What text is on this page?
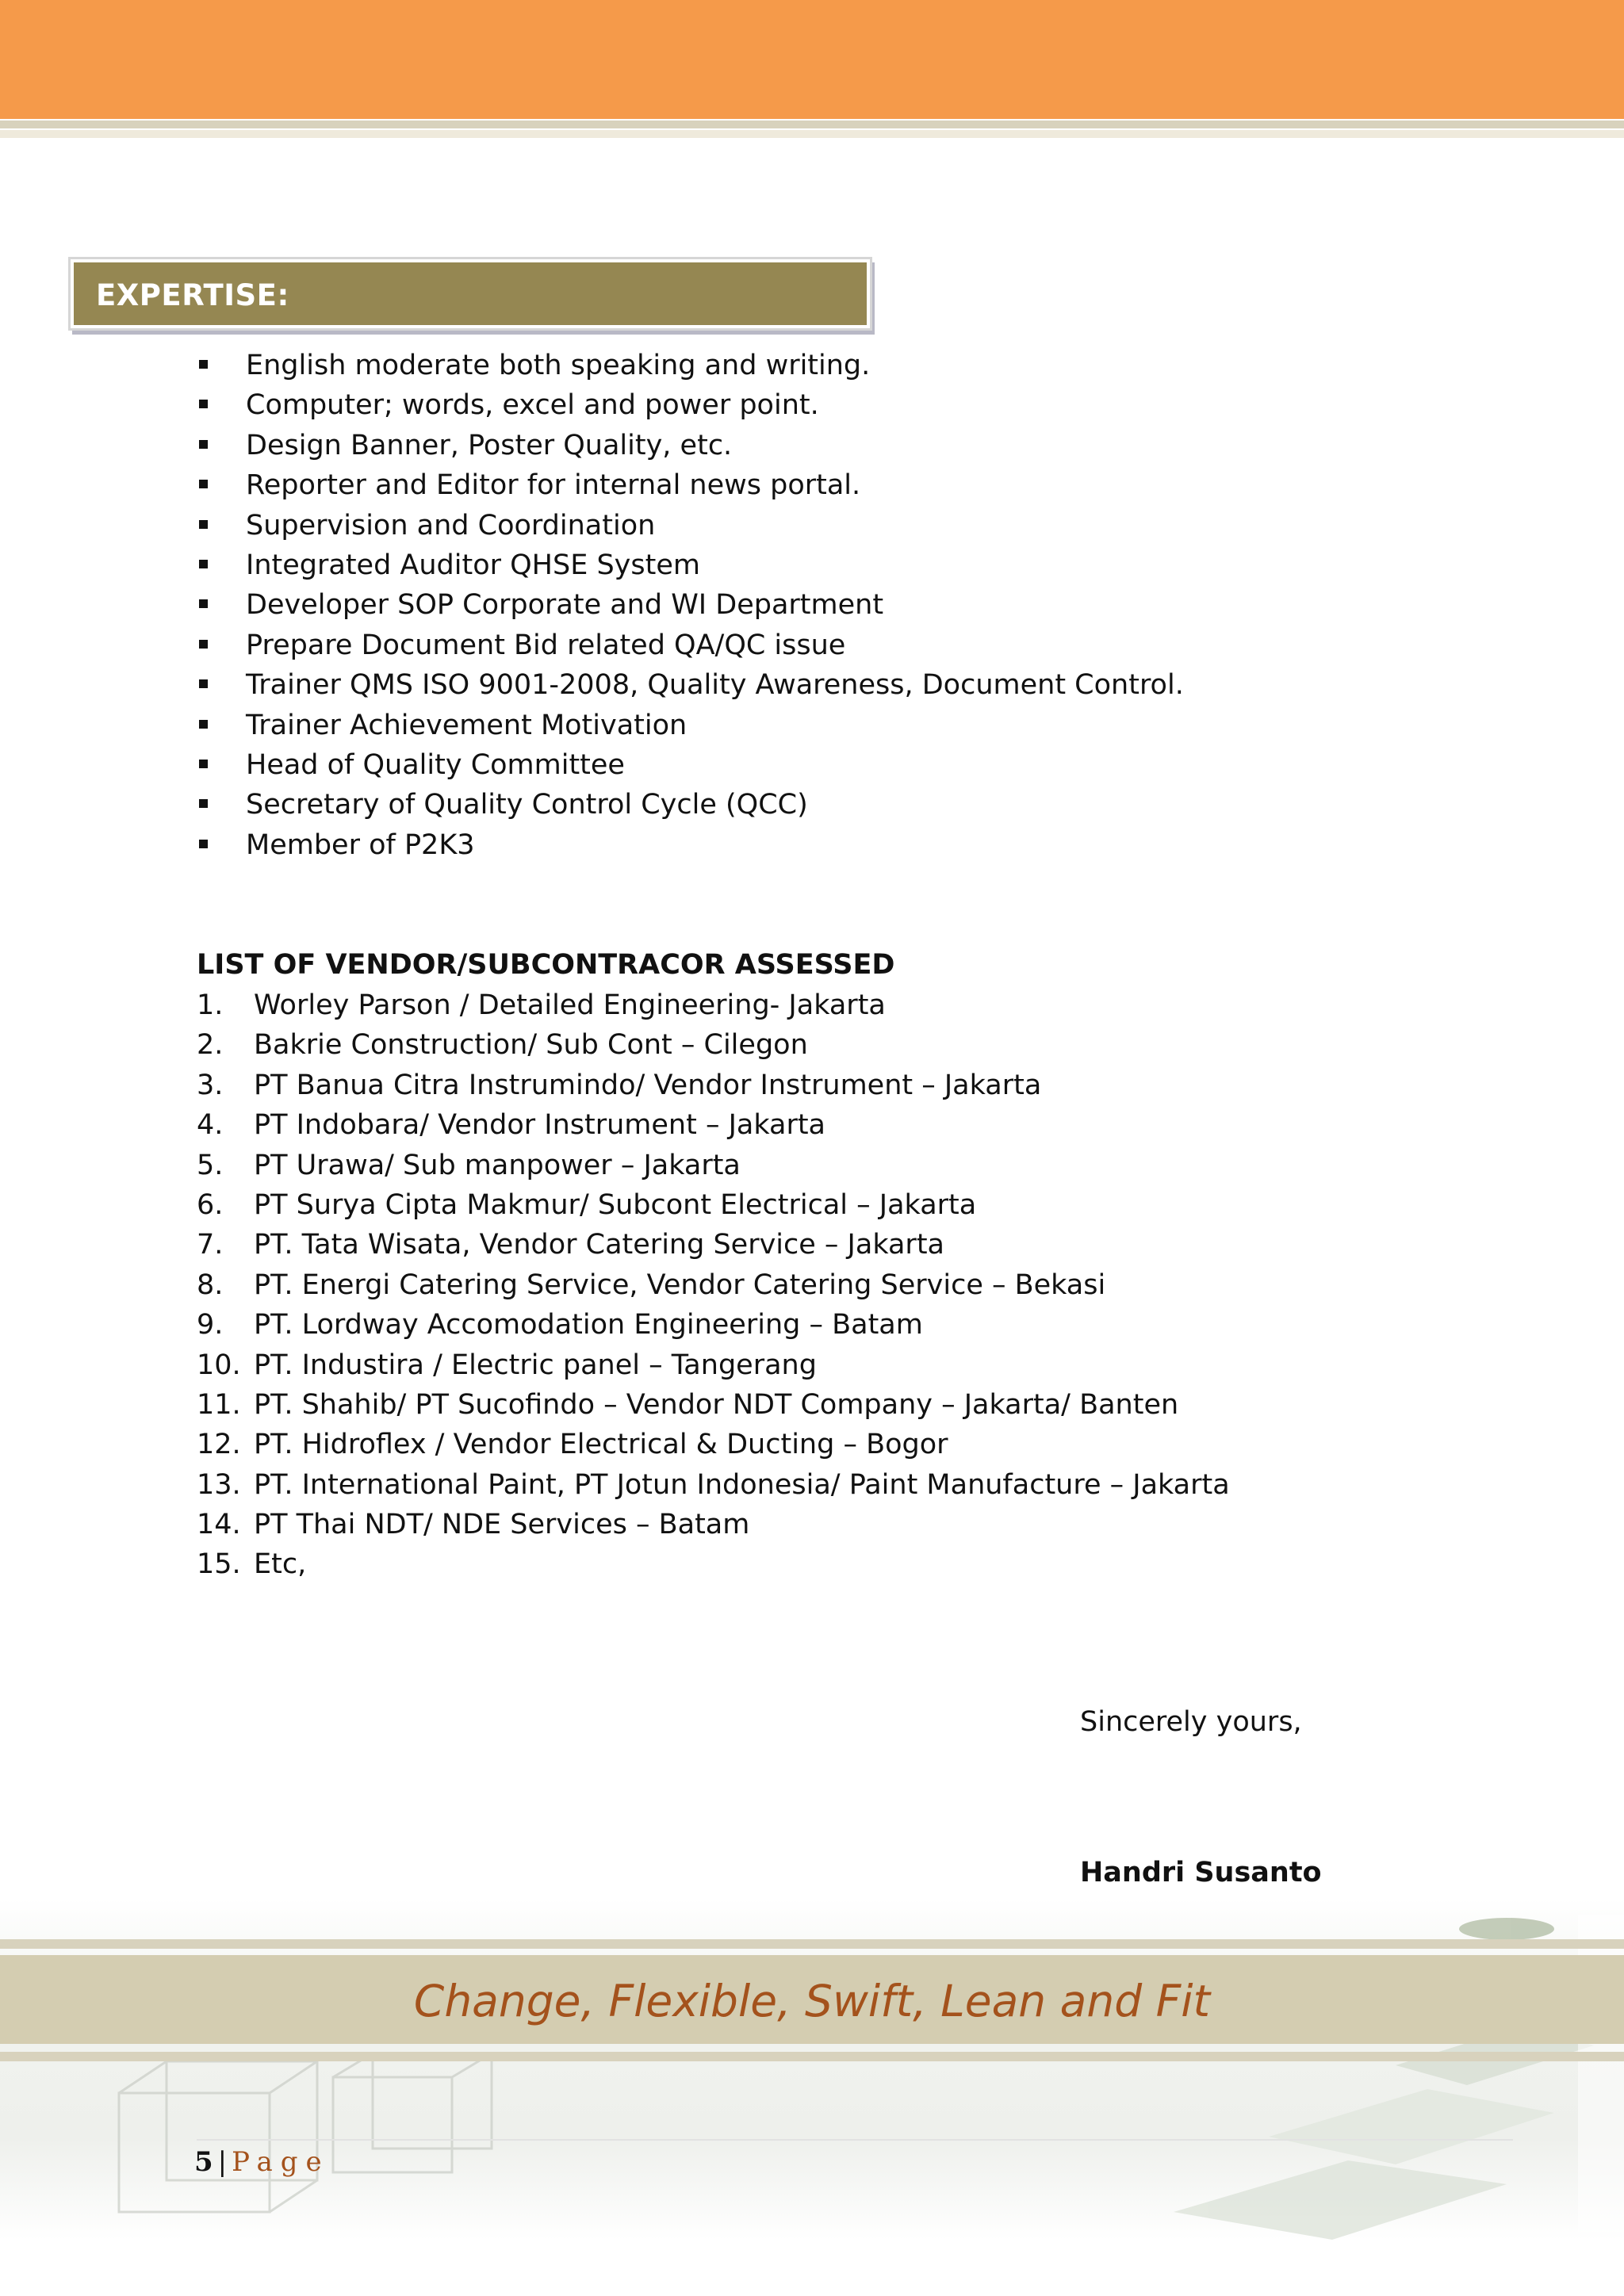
EXPERTISE:
English moderate both speaking and writing.
Computer; words, excel and power point.
Design Banner, Poster Quality, etc.
Reporter and Editor for internal news portal.
Supervision and Coordination
Integrated Auditor QHSE System
Developer SOP Corporate and WI Department
Prepare Document Bid related QA/QC issue
Trainer QMS ISO 9001-2008, Quality Awareness, Document Control.
Trainer Achievement Motivation
Head of Quality Committee
Secretary of Quality Control Cycle (QCC)
Member of P2K3
LIST OF VENDOR/SUBCONTRACOR ASSESSED
1. Worley Parson / Detailed Engineering- Jakarta
2. Bakrie Construction/ Sub Cont – Cilegon
3. PT Banua Citra Instrumindo/ Vendor Instrument – Jakarta
4. PT Indobara/ Vendor Instrument – Jakarta
5. PT Urawa/ Sub manpower – Jakarta
6. PT Surya Cipta Makmur/ Subcont Electrical – Jakarta
7. PT. Tata Wisata, Vendor Catering Service – Jakarta
8. PT. Energi Catering Service, Vendor Catering Service – Bekasi
9. PT. Lordway Accomodation Engineering – Batam
10. PT. Industira / Electric panel – Tangerang
11. PT. Shahib/ PT Sucofindo – Vendor NDT Company – Jakarta/ Banten
12. PT. Hidroflex / Vendor Electrical & Ducting – Bogor
13. PT. International Paint, PT Jotun Indonesia/ Paint Manufacture – Jakarta
14. PT Thai NDT/ NDE Services – Batam
15. Etc,
Sincerely yours,
Handri Susanto
Change, Flexible, Swift, Lean and Fit
5 | Page
